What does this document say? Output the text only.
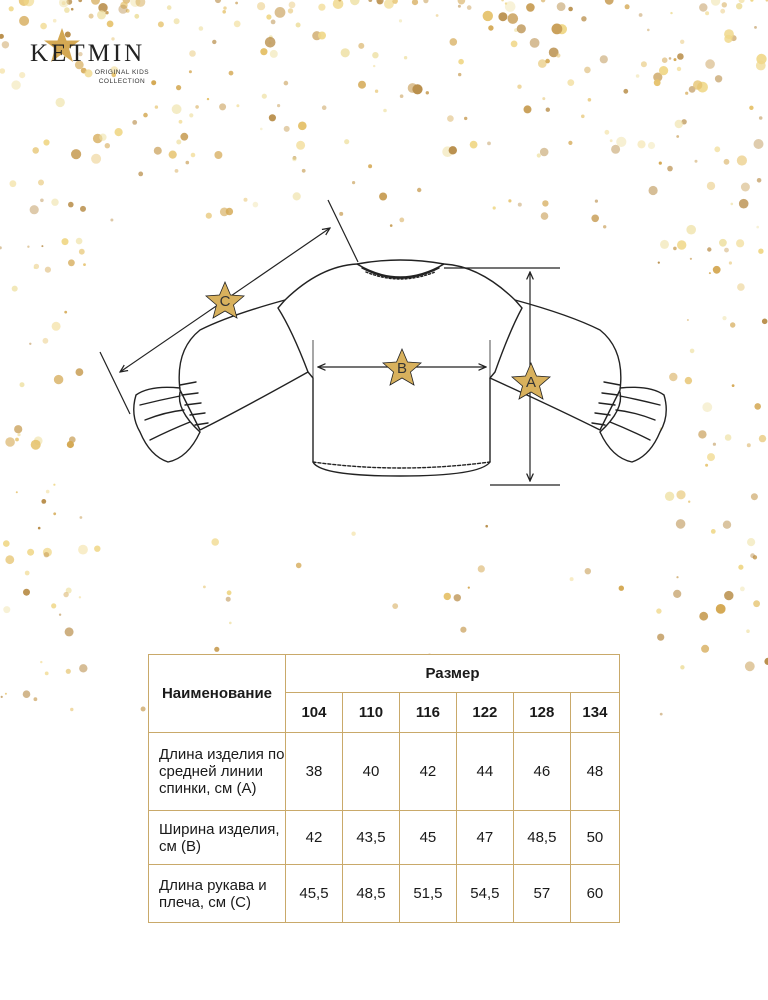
KETMIN
ORIGINAL KIDS
COLLECTION
C
B
A
Наименование	Размер					
	104	110	116	122	128	134
Длина изделия по средней линии спинки, см (А)	38	40	42	44	46	48
Ширина изделия, см (В)	42	43,5	45	47	48,5	50
Длина рукава и плеча, см (С)	45,5	48,5	51,5	54,5	57	60
